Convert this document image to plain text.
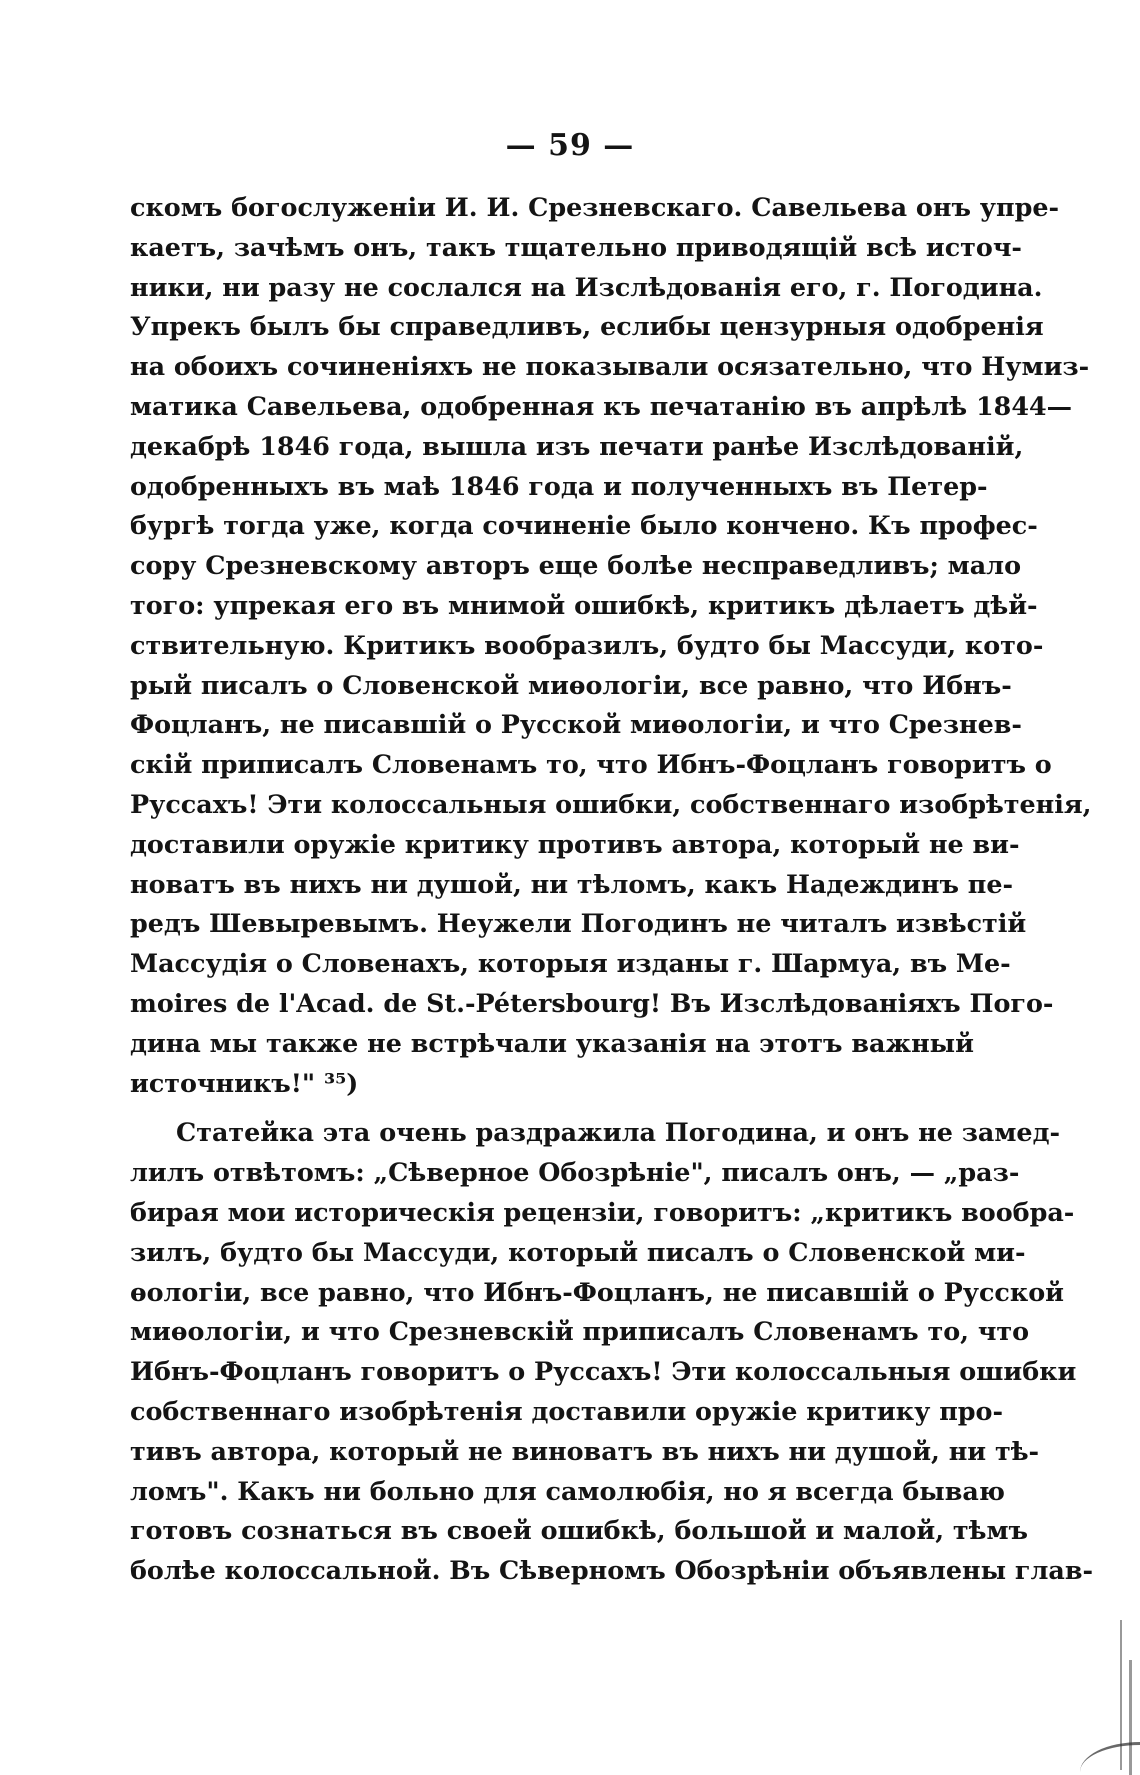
— 59 —
скомъ богослуженіи И. И. Срезневскаго. Савельева онъ упре-
каетъ, зачѣмъ онъ, такъ тщательно приводящій всѣ источ-
ники, ни разу не сослался на Изслѣдованія его, г. Погодина.
Упрекъ былъ бы справедливъ, еслибы цензурныя одобренія
на обоихъ сочиненіяхъ не показывали осязательно, что Нумиз-
матика Савельева, одобренная къ печатанію въ апрѣлѣ 1844—
декабрѣ 1846 года, вышла изъ печати ранѣе Изслѣдованій,
одобренныхъ въ маѣ 1846 года и полученныхъ въ Петер-
бургѣ тогда уже, когда сочиненіе было кончено. Къ профес-
сору Срезневскому авторъ еще болѣе несправедливъ; мало
того: упрекая его въ мнимой ошибкѣ, критикъ дѣлаетъ дѣй-
ствительную. Критикъ вообразилъ, будто бы Массуди, кото-
рый писалъ о Словенской миѳологіи, все равно, что Ибнъ-
Фоцланъ, не писавшій о Русской миѳологіи, и что Срезнев-
скій приписалъ Словенамъ то, что Ибнъ-Фоцланъ говоритъ о
Руссахъ! Эти колоссальныя ошибки, собственнаго изобрѣтенія,
доставили оружіе критику противъ автора, который не ви-
новатъ въ нихъ ни душой, ни тѣломъ, какъ Надеждинъ пе-
редъ Шевыревымъ. Неужели Погодинъ не читалъ извѣстій
Массудія о Словенахъ, которыя изданы г. Шармуа, въ Me-
moires de l'Acad. de St.-Pétersbourg! Въ Изслѣдованіяхъ Пого-
дина мы также не встрѣчали указанія на этотъ важный
источникъ!" ³⁵)
Статейка эта очень раздражила Погодина, и онъ не замед-
лилъ отвѣтомъ: „Сѣверное Обозрѣніе", писалъ онъ, — „раз-
бирая мои историческія рецензіи, говоритъ: „критикъ вообра-
зилъ, будто бы Массуди, который писалъ о Словенской ми-
ѳологіи, все равно, что Ибнъ-Фоцланъ, не писавшій о Русской
миѳологіи, и что Срезневскій приписалъ Словенамъ то, что
Ибнъ-Фоцланъ говоритъ о Руссахъ! Эти колоссальныя ошибки
собственнаго изобрѣтенія доставили оружіе критику про-
тивъ автора, который не виноватъ въ нихъ ни душой, ни тѣ-
ломъ". Какъ ни больно для самолюбія, но я всегда бываю
готовъ сознаться въ своей ошибкѣ, большой и малой, тѣмъ
болѣе колоссальной. Въ Сѣверномъ Обозрѣніи объявлены глав-
